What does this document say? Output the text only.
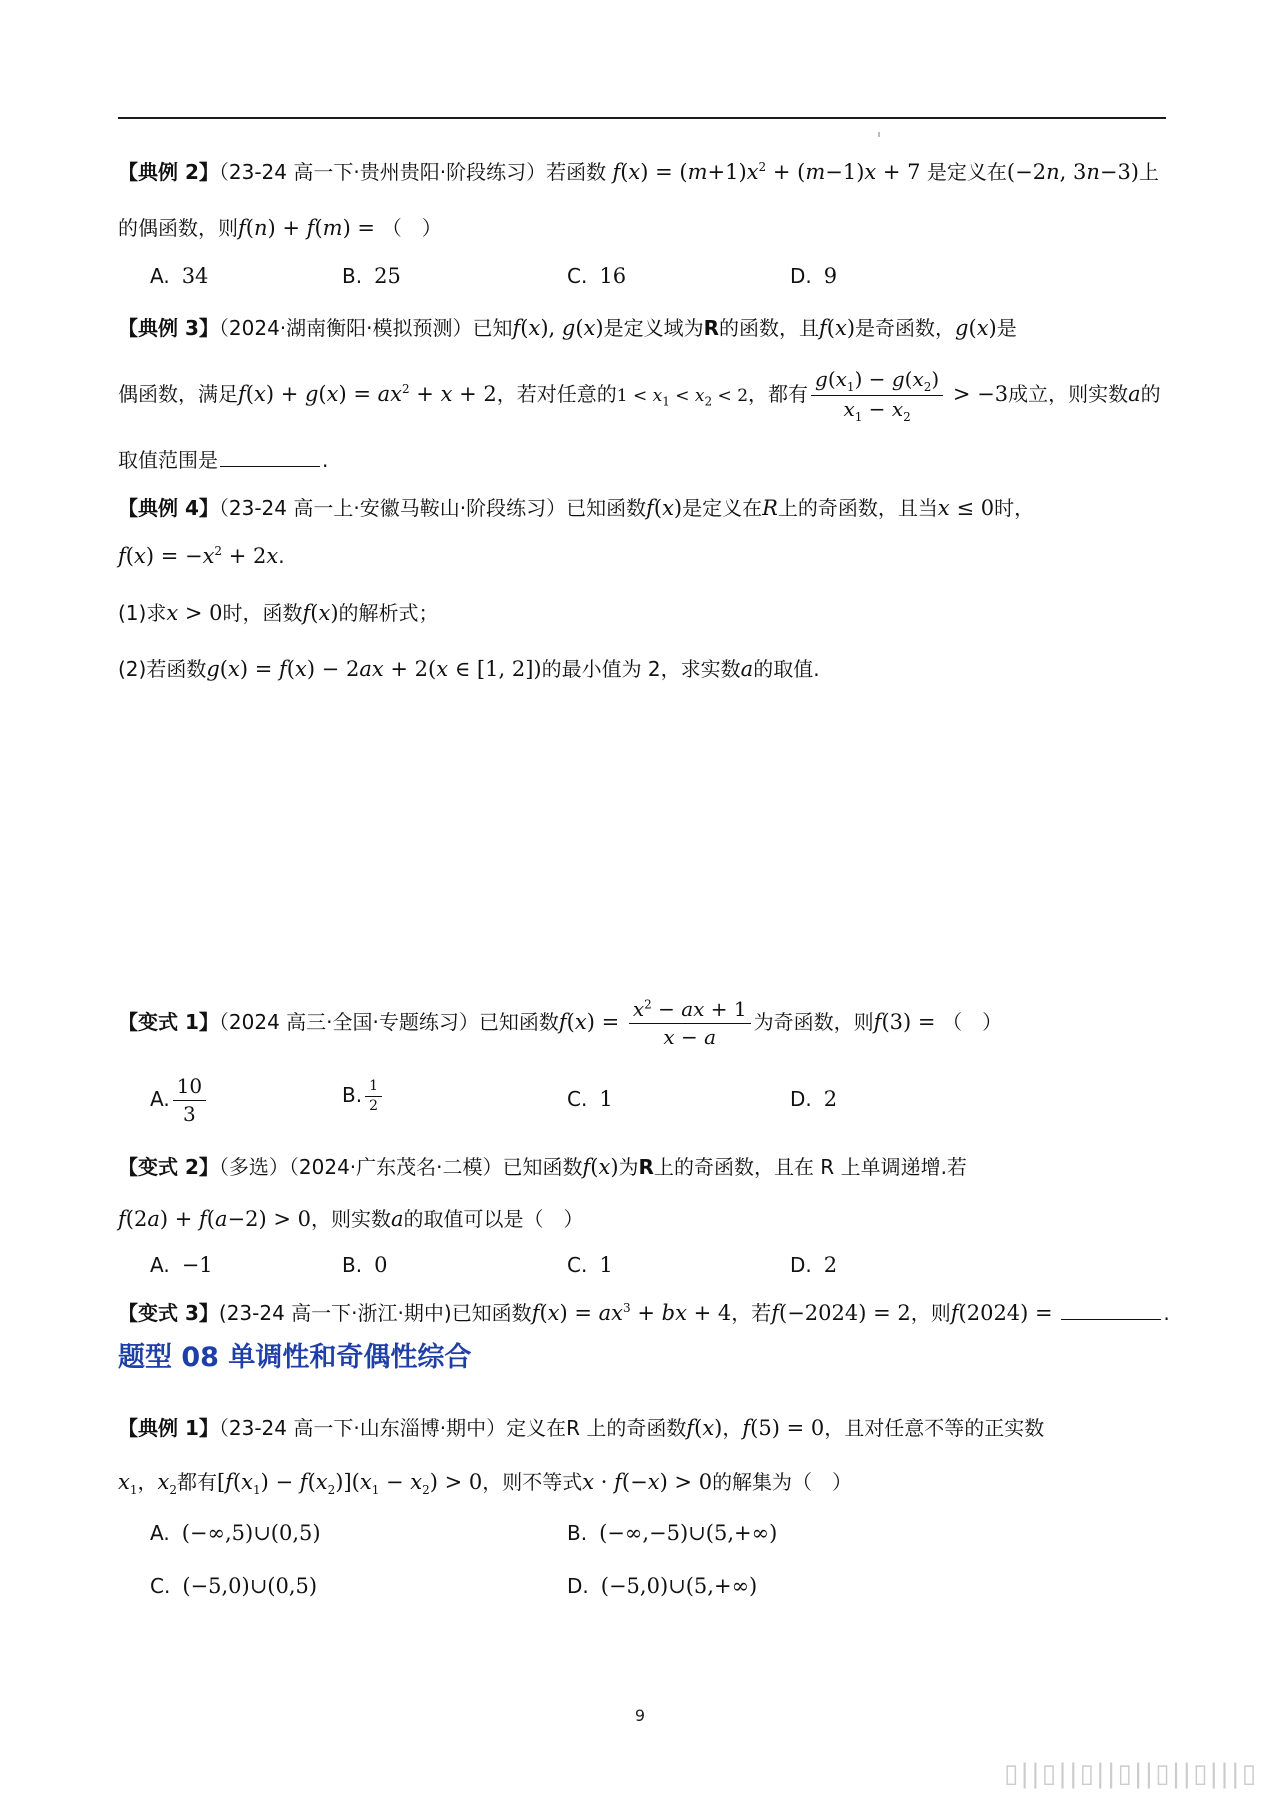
【典例 2】（23-24 高一下·贵州贵阳·阶段练习）若函数 $f(x) = (m+1)x^2 + (m-1)x + 7$ 是定义在(−2n, 3n−3)上
的偶函数，则f(n) + f(m) = （　）
A. 34	B. 25	C. 16	D. 9
【典例 3】（2024·湖南衡阳·模拟预测）已知f(x), g(x)是定义域为R的函数，且f(x)是奇函数，g(x)是
偶函数，满足$f(x) + g(x) = ax^2 + x + 2$，若对任意的$1 < x_1 < x_2 < 2$，都有 $\frac{g(x_1) - g(x_2)}{x_1 - x_2} > -3$成立，则实数a的
取值范围是	.
【典例 4】（23-24 高一上·安徽马鞍山·阶段练习）已知函数f(x)是定义在R上的奇函数，且当x ≤ 0时，
$f(x) = -x^2 + 2x$.
(1)求x > 0时，函数f(x)的解析式；
(2)若函数g(x) = f(x) − 2ax + 2(x ∈ [1, 2])的最小值为 2，求实数a的取值.
【变式 1】（2024 高三·全国·专题练习）已知函数$f(x) = \frac{x^2 - ax + 1}{x - a}$ 为奇函数，则f(3) = （　）
A. $\frac{10}{3}$	B. $\frac{1}{2}$	C. 1	D. 2
【变式 2】（多选）（2024·广东茂名·二模）已知函数f(x)为R上的奇函数，且在 R 上单调递增.若
f(2a) + f(a−2) > 0，则实数a的取值可以是（　）
A. −1	B. 0	C. 1	D. 2
【变式 3】(23-24 高一下·浙江·期中)已知函数$f(x) = ax^3$ + bx + 4，若f(−2024) = 2，则f(2024) =	.
题型 08 单调性和奇偶性综合
【典例 1】（23-24 高一下·山东淄博·期中）定义在R 上的奇函数f(x)，f(5) = 0，且对任意不等的正实数
$x_1$，$x_2$都有$[f(x_1) - f(x_2)](x_1 - x_2) > 0$，则不等式x · f(−x) > 0的解集为（　）
A. (−∞,5)∪(0,5)	B. (−∞,−5)∪(5,+∞)
C. (−5,0)∪(0,5)	D. (−5,0)∪(5,+∞)
9
▯||▯||▯||▯||▯||▯|||▯
